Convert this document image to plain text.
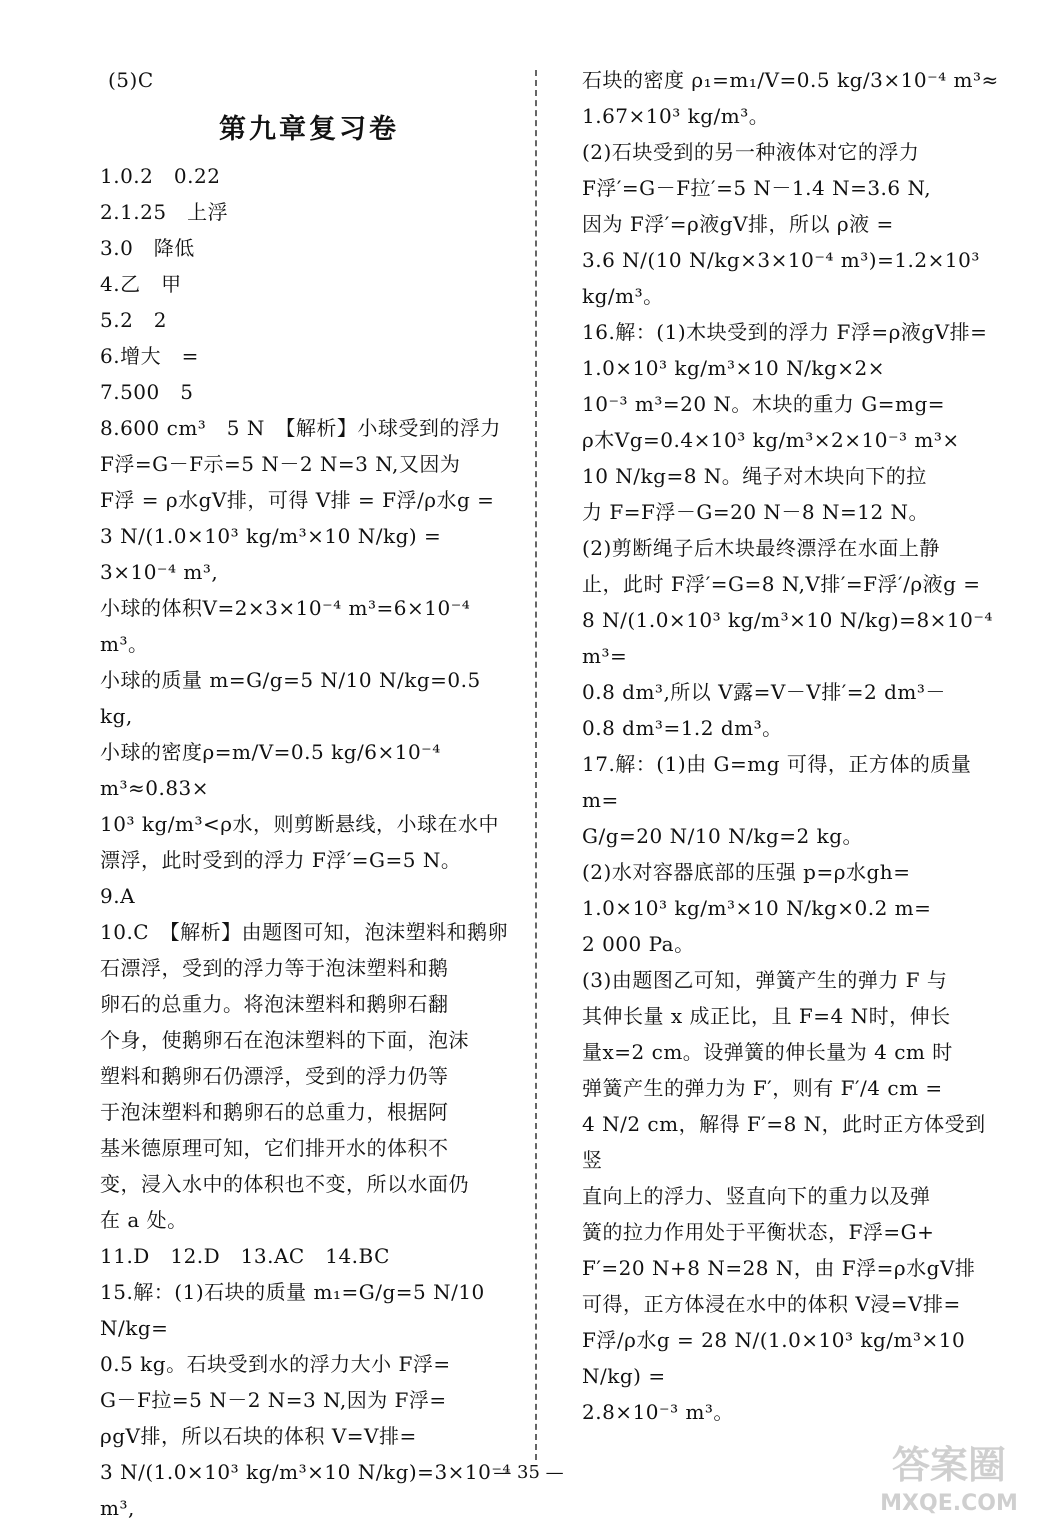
(5)C
第九章复习卷
1.0.2　0.22
2.1.25　上浮
3.0　降低
4.乙　甲
5.2　2
6.增大　=
7.500　5
8.600 cm³　5 N　【解析】小球受到的浮力
F浮=G－F示=5 N－2 N=3 N,又因为
F浮 = ρ水gV排，可得 V排 = F浮/ρ水g =
3 N/(1.0×10³ kg/m³×10 N/kg) = 3×10⁻⁴ m³,
小球的体积V=2×3×10⁻⁴ m³=6×10⁻⁴ m³。
小球的质量 m=G/g=5 N/10 N/kg=0.5 kg,
小球的密度ρ=m/V=0.5 kg/6×10⁻⁴ m³≈0.83×
10³ kg/m³<ρ水，则剪断悬线，小球在水中
漂浮，此时受到的浮力 F浮′=G=5 N。
9.A
10.C　【解析】由题图可知，泡沫塑料和鹅卵
石漂浮，受到的浮力等于泡沫塑料和鹅
卵石的总重力。将泡沫塑料和鹅卵石翻
个身，使鹅卵石在泡沫塑料的下面，泡沫
塑料和鹅卵石仍漂浮，受到的浮力仍等
于泡沫塑料和鹅卵石的总重力，根据阿
基米德原理可知，它们排开水的体积不
变，浸入水中的体积也不变，所以水面仍
在 a 处。
11.D　12.D　13.AC　14.BC
15.解：(1)石块的质量 m₁=G/g=5 N/10 N/kg=
0.5 kg。石块受到水的浮力大小 F浮=
G－F拉=5 N－2 N=3 N,因为 F浮=
ρgV排，所以石块的体积 V=V排=
3 N/(1.0×10³ kg/m³×10 N/kg)=3×10⁻⁴ m³,
石块的密度 ρ₁=m₁/V=0.5 kg/3×10⁻⁴ m³≈
1.67×10³ kg/m³。
(2)石块受到的另一种液体对它的浮力
F浮′=G－F拉′=5 N－1.4 N=3.6 N,
因为 F浮′=ρ液gV排，所以 ρ液 =
3.6 N/(10 N/kg×3×10⁻⁴ m³)=1.2×10³ kg/m³。
16.解：(1)木块受到的浮力 F浮=ρ液gV排=
1.0×10³ kg/m³×10 N/kg×2×
10⁻³ m³=20 N。木块的重力 G=mg=
ρ木Vg=0.4×10³ kg/m³×2×10⁻³ m³×
10 N/kg=8 N。绳子对木块向下的拉
力 F=F浮－G=20 N－8 N=12 N。
(2)剪断绳子后木块最终漂浮在水面上静
止，此时 F浮′=G=8 N,V排′=F浮′/ρ液g =
8 N/(1.0×10³ kg/m³×10 N/kg)=8×10⁻⁴ m³=
0.8 dm³,所以 V露=V－V排′=2 dm³－
0.8 dm³=1.2 dm³。
17.解：(1)由 G=mg 可得，正方体的质量 m=
G/g=20 N/10 N/kg=2 kg。
(2)水对容器底部的压强 p=ρ水gh=
1.0×10³ kg/m³×10 N/kg×0.2 m=
2 000 Pa。
(3)由题图乙可知，弹簧产生的弹力 F 与
其伸长量 x 成正比，且 F=4 N时，伸长
量x=2 cm。设弹簧的伸长量为 4 cm 时
弹簧产生的弹力为 F′，则有 F′/4 cm =
4 N/2 cm，解得 F′=8 N，此时正方体受到竖
直向上的浮力、竖直向下的重力以及弹
簧的拉力作用处于平衡状态，F浮=G+
F′=20 N+8 N=28 N，由 F浮=ρ水gV排
可得，正方体浸在水中的体积 V浸=V排=
F浮/ρ水g = 28 N/(1.0×10³ kg/m³×10 N/kg) =
2.8×10⁻³ m³。
— 35 —	答案圈
MXQE.COM
